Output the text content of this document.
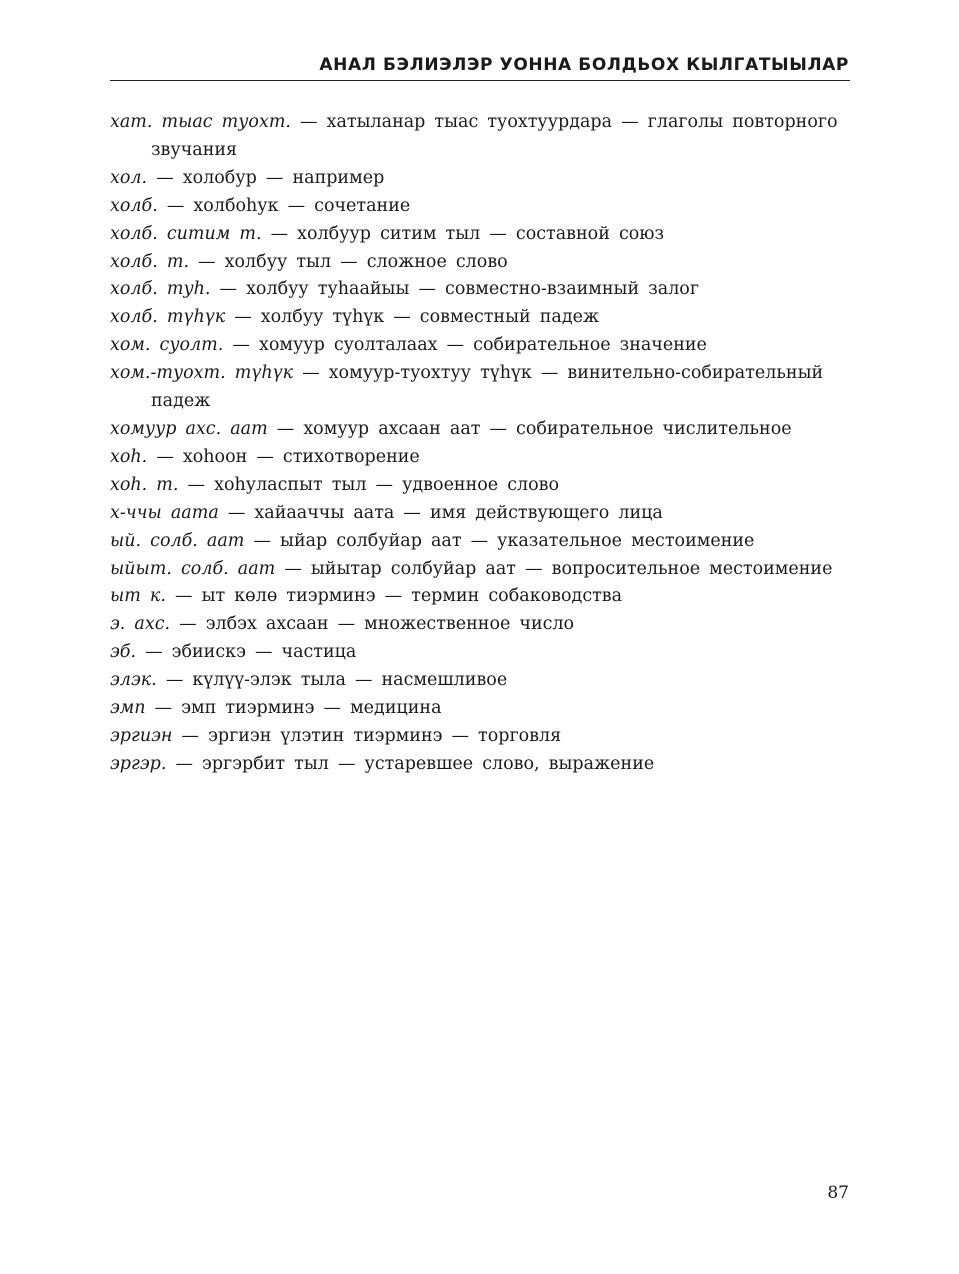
АНАЛ БЭЛИЭЛЭР УОННА БОЛДЬОХ КЫЛГАТЫЫЛАР

хат. тыас туохт. — хатыланар тыас туохтуурдара — глаголы повторного
звучания

хол. — холобур — например

холб. — холбоһук — сочетание

холб. ситим т. — холбуур ситим тыл — составной союз

холб. т. — холбуу тыл — сложное слово

холб. туһ. — холбуу туһаайыы — совместно-взаимный залог

холб. түһүк — холбуу түһүк — совместный падеж

хом. суолт. — хомуур суолталаах — собирательное значение

хом.-туохт. түһүк — хомуур-туохтуу түһүк — винительно-собирательный
падеж

хомуур ахс. аат — хомуур ахсаан аат — собирательное числительное

хоһ. — хоһоон — стихотворение

хоһ. т. — хоһуласпыт тыл — удвоенное слово

х-ччы аата — хайааччы аата — имя действующего лица

ый. солб. аат — ыйар солбуйар аат — указательное местоимение

ыйыт. солб. аат — ыйытар солбуйар аат — вопросительное местоимение

ыт к. — ыт көлө тиэрминэ — термин собаководства

э. ахс. — элбэх ахсаан — множественное число

эб. — эбиискэ — частица

элэк. — күлүү-элэк тыла — насмешливое

эмп — эмп тиэрминэ — медицина

эргиэн — эргиэн үлэтин тиэрминэ — торговля

эргэр. — эргэрбит тыл — устаревшее слово, выражение

87
